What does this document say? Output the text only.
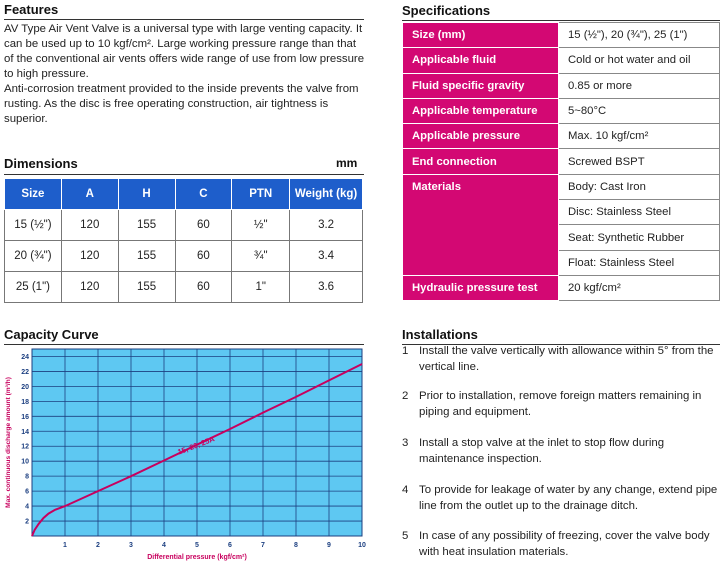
Features

AV Type Air Vent Valve is a universal type with large venting capacity. It can be used up to 10 kgf/cm². Large working pressure range than that of the conventional air vents offers wide range of use from low pressure to high pressure.

Anti-corrosion treatment provided to the inside prevents the valve from rusting. As the disc is free operating construction, air tightness is superior.

Dimensions	mm
Size	A	H	C	PTN	Weight (kg)
15 (½")	120	155	60	½"	3.2
20 (¾")	120	155	60	¾"	3.4
25 (1")	120	155	60	1"	3.6
Specifications
Size (mm)	15 (½"), 20 (¾"), 25 (1")
Applicable fluid	Cold or hot water and oil
Fluid specific gravity	0.85 or more
Applicable temperature	5~80°C
Applicable pressure	Max. 10 kgf/cm²
End connection	Screwed BSPT
Materials	Body: Cast Iron
	Disc: Stainless Steel
	Seat: Synthetic Rubber
	Float: Stainless Steel
Hydraulic pressure test	20 kgf/cm²
Capacity Curve
1	2	3	4	5	6	7	8	9	10
2
4
6
8
10
12
14
16
18
20
22
24
15, 20, 25A
Differential pressure (kgf/cm²)
Max. continuous discharge amount (m³/h)
Installations
1 Install the valve vertically with allowance within 5° from the vertical line.
2 Prior to installation, remove foreign matters remaining in piping and equipment.
3 Install a stop valve at the inlet to stop flow during maintenance inspection.
4 To provide for leakage of water by any change, extend pipe line from the outlet up to the drainage ditch.
5 In case of any possibility of freezing, cover the valve body with heat insulation materials.
